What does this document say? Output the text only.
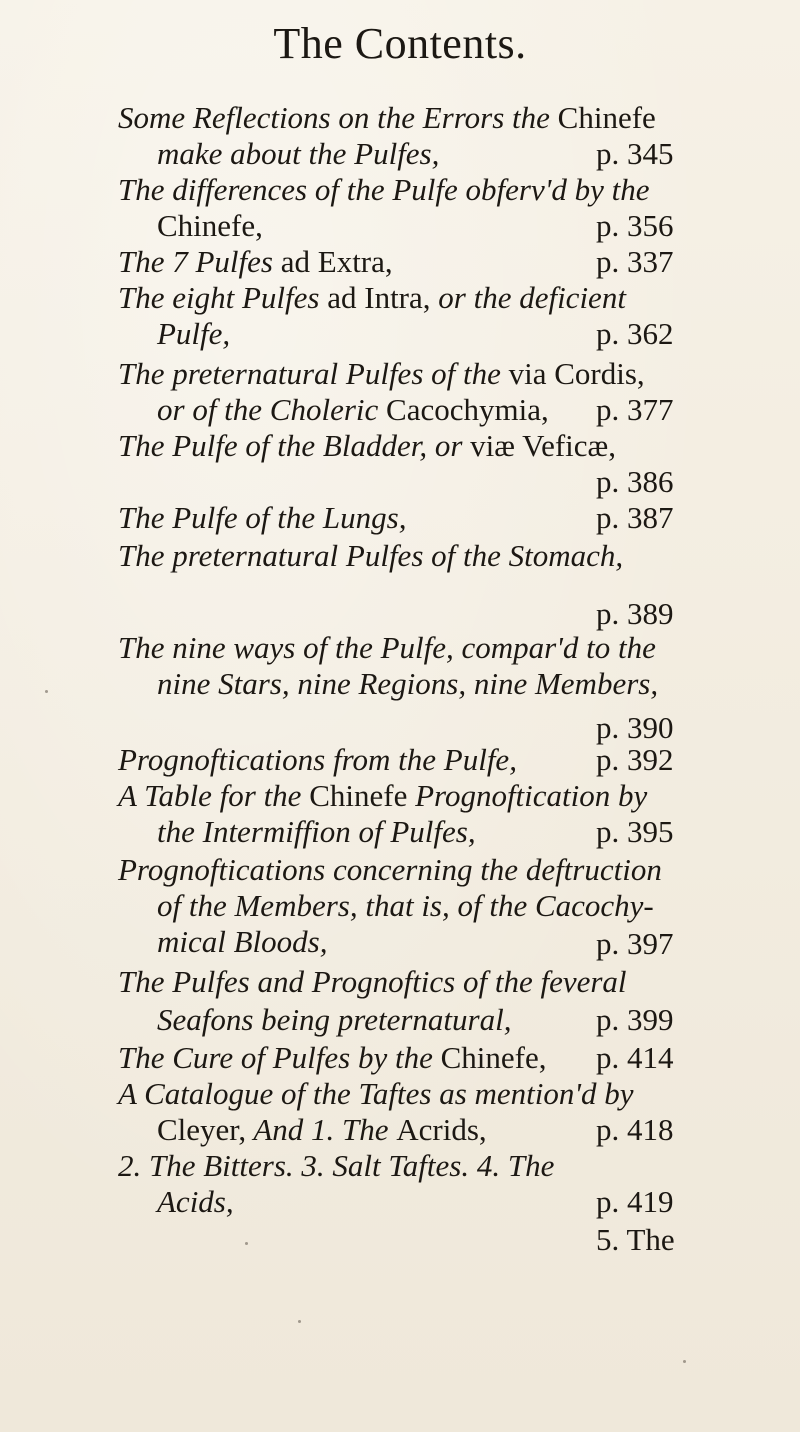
The Contents.
Some Reflections on the Errors the Chinefe
make about the Pulfes,	p. 345
The differences of the Pulfe obferv'd by the
Chinefe,	p. 356
The 7 Pulfes ad Extra,	p. 337
The eight Pulfes ad Intra, or the deficient
Pulfe,	p. 362
The preternatural Pulfes of the via Cordis,
or of the Choleric Cacochymia, p. 377
The Pulfe of the Bladder, or viæ Veficæ,
p. 386
The Pulfe of the Lungs,	p. 387
The preternatural Pulfes of the Stomach,
p. 389
The nine ways of the Pulfe, compar'd to the
nine Stars, nine Regions, nine Members,
p. 390
Prognoftications from the Pulfe,	p. 392
A Table for the Chinefe Prognoftication by
the Intermiffion of Pulfes,	p. 395
Prognoftications concerning the deftruction
of the Members, that is, of the Cacochy-
mical Bloods,	p. 397
The Pulfes and Prognoftics of the feveral
Seafons being preternatural,	p. 399
The Cure of Pulfes by the Chinefe, p. 414
A Catalogue of the Taftes as mention'd by
Cleyer, And 1. The Acrids,	p. 418
2. The Bitters. 3. Salt Taftes. 4. The
Acids,	p. 419
5. The
